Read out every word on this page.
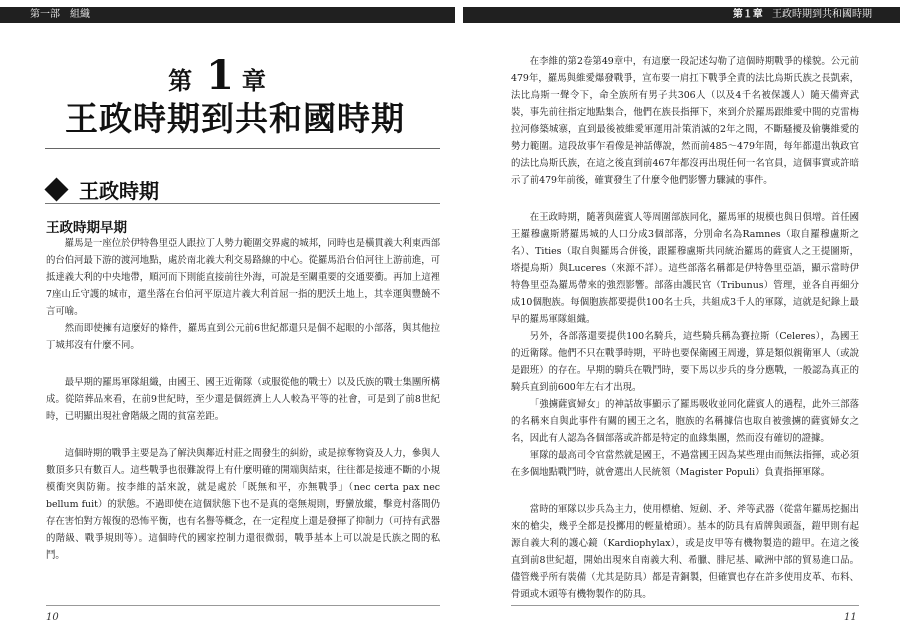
第一部　組織	第１章 王政時期到共和國時期
第 1 章
王政時期到共和國時期
王政時期
王政時期早期

羅馬是一座位於伊特魯里亞人跟拉丁人勢力範圍交界處的城邦，同時也是橫貫義大利東西部的台伯河最下游的渡河地點，處於南北義大利交易路線的中心。從羅馬沿台伯河往上游前進，可抵達義大利的中央地帶，順河而下則能直接前往外海，可說是至關重要的交通要衝。再加上這裡7座山丘守護的城市，還坐落在台伯河平原這片義大利首屈一指的肥沃土地上，其幸運與豐饒不言可喻。

然而即使擁有這麼好的條件，羅馬直到公元前6世紀都還只是個不起眼的小部落，與其他拉丁城邦沒有什麼不同。

最早期的羅馬軍隊組織，由國王、國王近衛隊（或服從他的戰士）以及氏族的戰士集團所構成。從陪葬品來看，在前9世紀時，至少還是個經濟上人人較為平等的社會，可是到了前8世紀時，已明顯出現社會階級之間的貧富差距。

這個時期的戰爭主要是為了解決與鄰近村莊之間發生的糾紛，或是掠奪物資及人力，參與人數頂多只有數百人。這些戰爭也很難說得上有什麼明確的開端與結束，往往都是接連不斷的小規模衝突與防衛。按李維的話來說，就是處於「既無和平，亦無戰爭」（nec certa pax nec bellum fuit）的狀態。不過即使在這個狀態下也不是真的毫無規則，野蠻放縱，擊竟村落間仍存在害怕對方報復的恐怖平衡，也有名譽等概念，在一定程度上還是發揮了抑制力（可持有武器的階級、戰爭規則等）。這個時代的國家控制力還很微弱，戰爭基本上可以說是氏族之間的私鬥。

在李維的第2卷第49章中，有這麼一段記述勾勒了這個時期戰爭的樣貌。公元前479年，羅馬與維愛爆發戰爭，宣布要一肩扛下戰爭全責的法比烏斯氏族之長凱索，法比烏斯一聲令下，命全族所有男子共306人（以及4千名被保護人）隨天備齊武裝，事先前往指定地點集合，他們在族長指揮下，來到介於羅馬跟維愛中間的克雷梅拉河修築城寨，直到最後被維愛軍運用計策消滅的2年之間，不斷騷擾及偷襲維愛的勢力範圍。這段故事乍看像是神話傳說，然而前485～479年間，每年都還出執政官的法比烏斯氏族，在這之後直到前467年都沒再出現任何一名官員，這個事實或許暗示了前479年前後，確實發生了什麼令他們影響力驟減的事件。

在王政時期，隨著與薩賓人等周圍部族同化，羅馬軍的規模也與日俱增。首任國王羅穆盧斯將羅馬城的人口分成3個部落，分別命名為Ramnes（取自羅穆盧斯之名）、Tities（取自與羅馬合併後，跟羅穆盧斯共同統治羅馬的薩賓人之王提圖斯，塔提烏斯）與Luceres（來源不詳）。這些部落名稱都是伊特魯里亞語，顯示當時伊特魯里亞為羅馬帶來的強烈影響。部落由護民官（Tribunus）管理，並各自再細分成10個胞族。每個胞族都要提供100名士兵，共組成3千人的軍隊，這就是紀錄上最早的羅馬軍隊組織。

另外，各部落還要提供100名騎兵，這些騎兵稱為賽拉斯（Celeres），為國王的近衛隊。他們不只在戰爭時期，平時也要保衛國王周邊，算是類似親衛軍人（或說是跟班）的存在。早期的騎兵在戰鬥時，要下馬以步兵的身分應戰，一般認為真正的騎兵直到前600年左右才出現。

「強擄薩賓婦女」的神話故事顯示了羅馬吸收並同化薩賓人的過程，此外三部落的名稱來自與此事件有關的國王之名，胞族的名稱據信也取自被強擄的薩賓婦女之名，因此有人認為各個部落或許都是特定的血緣集團，然而沒有確切的證據。

軍隊的最高司令官當然就是國王，不過當國王因為某些理由而無法指揮，或必須在多個地點戰鬥時，就會選出人民統領（Magister Populi）負責指揮軍隊。

當時的軍隊以步兵為主力，使用標槍、短劍、矛、斧等武器（從當年羅馬挖掘出來的槍尖，幾乎全都是投擲用的輕量槍頭）。基本的防具有盾牌與頭盔，鎧甲則有起源自義大利的護心鏡（Kardiophylax），或是皮甲等有機物製造的鎧甲。在這之後直到前8世紀超，開始出現來自南義大利、希臘、腓尼基、歐洲中部的貿易進口品。儘管幾乎所有裝備（尤其是防具）都是青銅製，但確實也存在許多使用皮革、布料、骨頭或木頭等有機物製作的防具。

10	11
